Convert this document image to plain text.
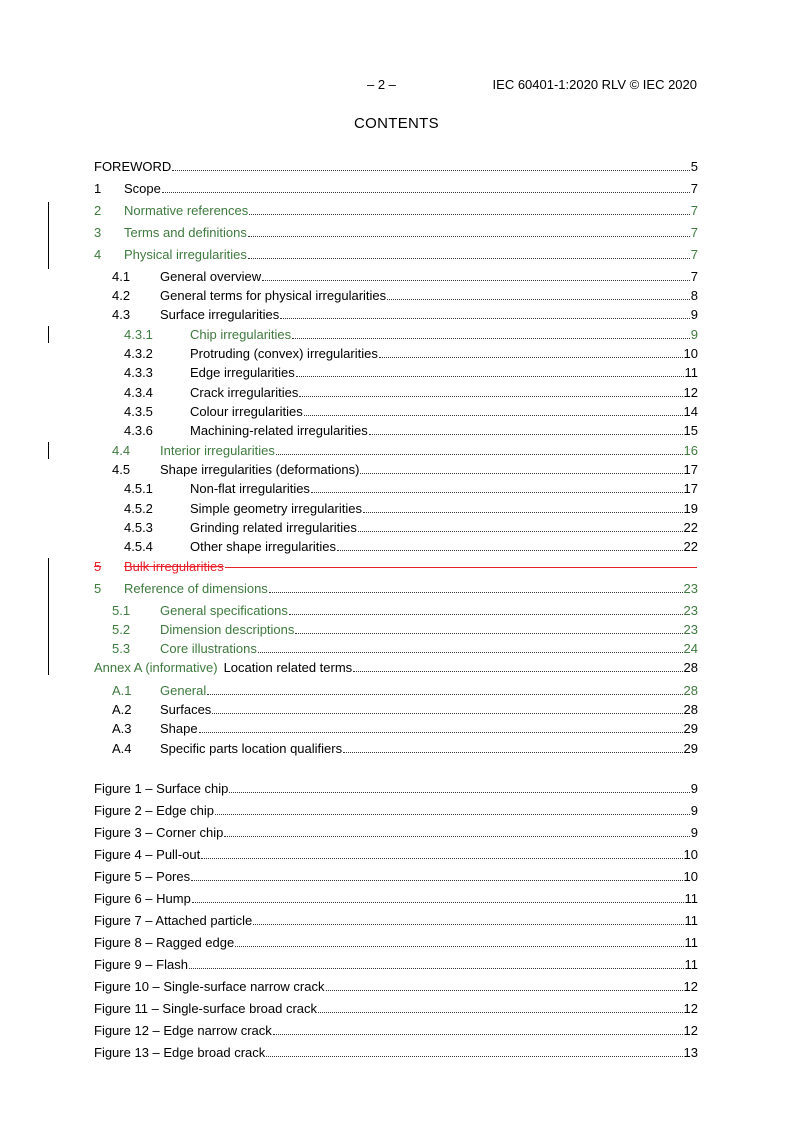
– 2 –	IEC 60401-1:2020 RLV © IEC 2020
CONTENTS
FOREWORD	5
1	Scope	7
2	Normative references	7
3	Terms and definitions	7
4	Physical irregularities	7
4.1	General overview	7
4.2	General terms for physical irregularities	8
4.3	Surface irregularities	9
4.3.1	Chip irregularities	9
4.3.2	Protruding (convex) irregularities	10
4.3.3	Edge irregularities	11
4.3.4	Crack irregularities	12
4.3.5	Colour irregularities	14
4.3.6	Machining-related irregularities	15
4.4	Interior irregularities	16
4.5	Shape irregularities (deformations)	17
4.5.1	Non-flat irregularities	17
4.5.2	Simple geometry irregularities	19
4.5.3	Grinding related irregularities	22
4.5.4	Other shape irregularities	22
5	Bulk irregularities
5	Reference of dimensions	23
5.1	General specifications	23
5.2	Dimension descriptions	23
5.3	Core illustrations	24
Annex A (informative) Location related terms	28
A.1	General	28
A.2	Surfaces	28
A.3	Shape	29
A.4	Specific parts location qualifiers	29
Figure 1 – Surface chip	9
Figure 2 – Edge chip	9
Figure 3 – Corner chip	9
Figure 4 – Pull-out	10
Figure 5 – Pores	10
Figure 6 – Hump	11
Figure 7 – Attached particle	11
Figure 8 – Ragged edge	11
Figure 9 – Flash	11
Figure 10 – Single-surface narrow crack	12
Figure 11 – Single-surface broad crack	12
Figure 12 – Edge narrow crack	12
Figure 13 – Edge broad crack	13
